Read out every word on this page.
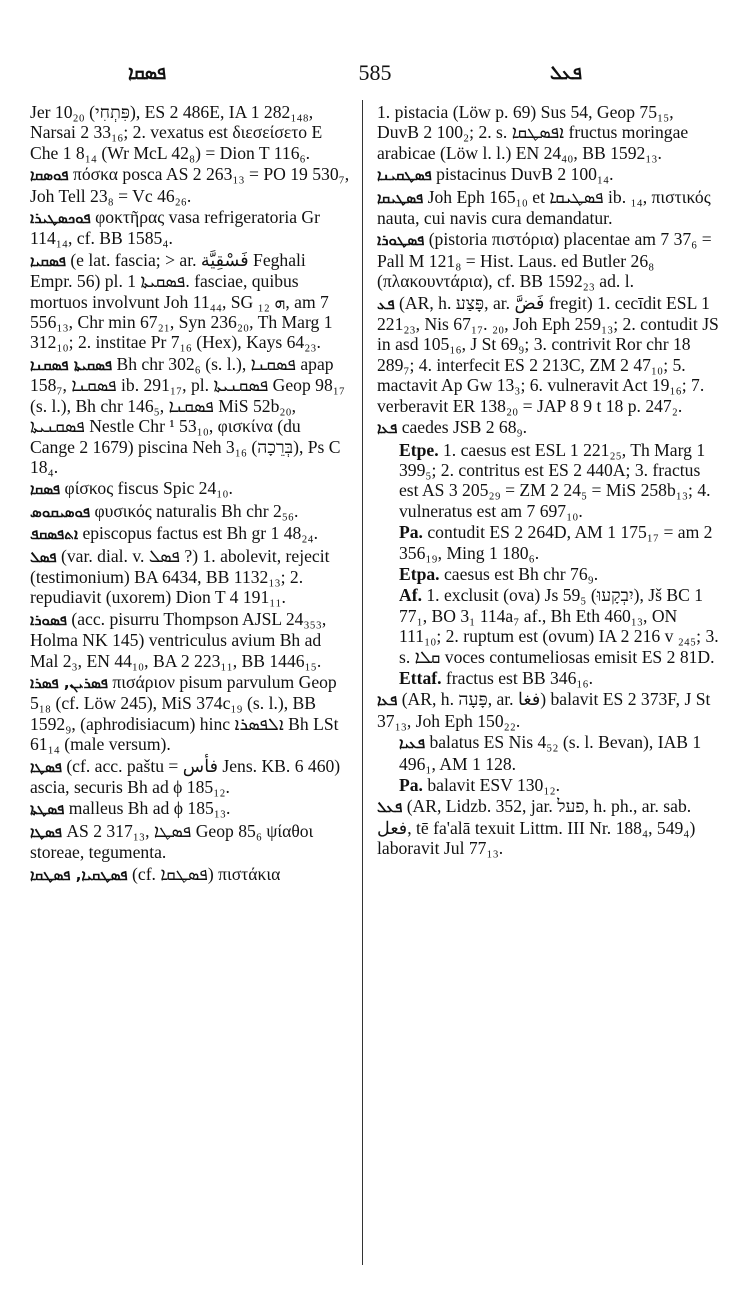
ܦܣܩܐ	585	ܦܥܠ

Jer 10₂₀ (פִּתְחִי), ES 2 486E, IA 1 282₁₄₈, Narsai 2 33₁₆; 2. vexatus est διεσείσετο E Che 1 8₁₄ (Wr McL 42₈) = Dion T 116₆.

ܦܘܣܩܐ πόσκα posca AS 2 263₁₃ = PO 19 530₇, Joh Tell 23₈ = Vc 46₂₆.

ܦܘܟܣܛܝܪܐ φοκτῆρας vasa refrigeratoria Gr 114₁₄, cf. BB 1585₄.

ܦܣܩܝܐ (e lat. fascia; > ar. فَسْقِيَّة Feghali Empr. 56) pl. ܦܣܩܝܬܐ 1. fasciae, quibus mortuos involvunt Joh 11₄₄, SG ܗ ₁₂, am 7 556₁₃, Chr min 67₂₁, Syn 236₂₀, Th Marg 1 312₁₀; 2. institae Pr 7₁₆ (Hex), Kays 64₂₃.

ܦܣܩܝܬܐ ܦܣܩܢܐ Bh chr 302₆ (s. l.), ܦܣܩܢܐ apap 158₇, ܦܣܩܢܐ ib. 291₁₇, pl. ܦܣܩܢܝܬܐ Geop 98₁₇ (s. l.), Bh chr 146₅, ܦܣܩܢܐ MiS 52b₂₀, ܦܣܩܢܝܬܐ Nestle Chr ¹ 53₁₀, φισκίνα (du Cange 2 1679) piscina Neh 3₁₆ (בְּרֵכָה), Ps C 18₄.

ܦܣܩܐ φίσκος fiscus Spic 24₁₀.

ܦܘܣܝܩܘܣ φυσικός naturalis Bh chr 2₅₆.

ܐܬܦܣܩܦ episcopus factus est Bh gr 1 48₂₄.

ܦܣܠ (var. dial. v. ܦܣܠ ?) 1. abolevit, rejecit (testimonium) BA 6434, BB 1132₁₃; 2. repudiavit (uxorem) Dion T 4 191₁₁.

ܦܣܘܪܐ (acc. pisurru Thompson AJSL 24₃₅₃, Holma NK 145) ventriculus avium Bh ad Mal 2₃, EN 44₁₀, BA 2 223₁₁, BB 1446₁₅.

ܦܣܪܝܢ, ܦܣܪܐ πισάριον pisum parvulum Geop 5₁₈ (cf. Löw 245), MiS 374c₁₉ (s. l.), BB 1592₉, (aphrodisiacum) hinc ܐܠܦܣܪܐ Bh LSt 61₁₄ (male versum).

ܦܣܛܐ (cf. acc. paštu = فأس Jens. KB. 6 460) ascia, securis Bh ad ϕ 185₁₂.

ܦܣܛܬܐ malleus Bh ad ϕ 185₁₃.

ܦܣܛܐ AS 2 317₁₃, ܦܣܛܐ Geop 85₆ ψίαθοι storeae, tegumenta.

ܦܣܛܩܝܐ, ܦܣܛܩܐ (cf. ܦܣܛܩܐ) πιστάκια

1. pistacia (Löw p. 69) Sus 54, Geop 75₁₅, DuvB 2 100₂; 2. s. ܐܦܣܛܩܐ fructus moringae arabicae (Löw l. l.) EN 24₄₀, BB 1592₁₃.

ܦܣܛܩܝܢܐ pistacinus DuvB 2 100₁₄.

ܦܣܛܝܩܐ Joh Eph 165₁₀ et ܦܣܛܝܩܐ ib. ₁₄, πιστικός nauta, cui navis cura demandatur.

ܦܣܛܘܪܐ (pistoria πιστόρια) placentae am 7 37₆ = Pall M 121₈ = Hist. Laus. ed Butler 26₈ (πλακουντάρια), cf. BB 1592₂₃ ad. l.

ܦܥ (AR, h. פָּצַע, ar. فَضَّ fregit) 1. cecīdit ESL 1 221₂₃, Nis 67₁₇. ₂₀, Joh Eph 259₁₃; 2. contudit JS in asd 105₁₆, J St 69₉; 3. contrivit Ror chr 18 289₇; 4. interfecit ES 2 213C, ZM 2 47₁₀; 5. mactavit Ap Gw 13₃; 6. vulneravit Act 19₁₆; 7. verberavit ER 138₂₀ = JAP 8 9 t 18 p. 247₂.

ܦܥܐ caedes JSB 2 68₉.

Etpe. 1. caesus est ESL 1 221₂₅, Th Marg 1 399₅; 2. contritus est ES 2 440A; 3. fractus est AS 3 205₂₉ = ZM 2 24₅ = MiS 258b₁₃; 4. vulneratus est am 7 697₁₀.

Pa. contudit ES 2 264D, AM 1 175₁₇ = am 2 356₁₉, Ming 1 180₆.

Etpa. caesus est Bh chr 76₉.

Af. 1. exclusit (ova) Js 59₅ (יִבְקָעוּ), Jš BC 1 77₁, BO 3₁ 114a₇ af., Bh Eth 460₁₃, ON 111₁₀; 2. ruptum est (ovum) IA 2 216 v ₂₄₅; 3. s. ܩܠܐ voces contumeliosas emisit ES 2 81D.

Ettaf. fractus est BB 346₁₆.

ܦܥܐ (AR, h. פָּעָה, ar. فغا) balavit ES 2 373F, J St 37₁₃, Joh Eph 150₂₂.

ܦܥܝܐ balatus ES Nis 4₅₂ (s. l. Bevan), IAB 1 496₁, AM 1 128.

Pa. balavit ESV 130₁₂.

ܦܥܠ (AR, Lidzb. 352, jar. פעל, h. ph., ar. sab. فعل, tē fa'alā texuit Littm. III Nr. 188₄, 549₄) laboravit Jul 77₁₃.
